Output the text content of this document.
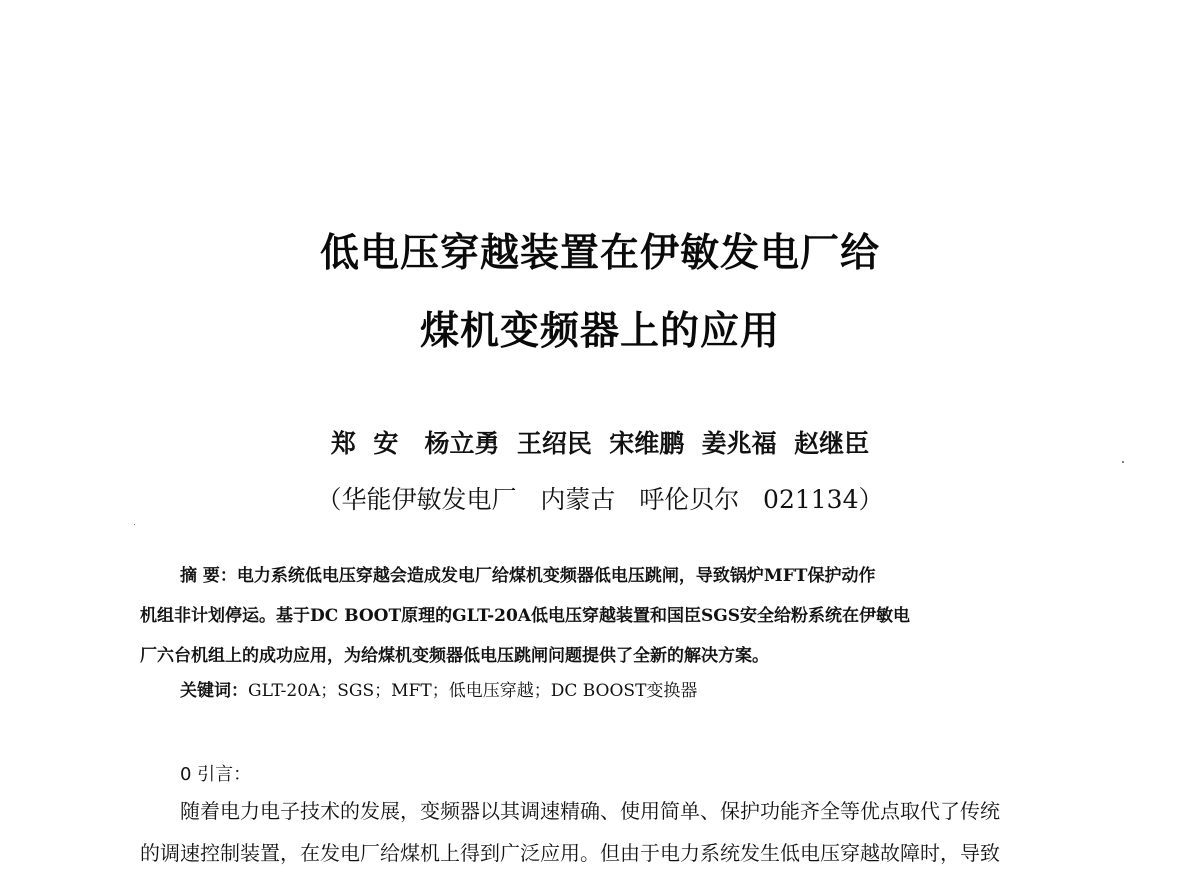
低电压穿越装置在伊敏发电厂给
煤机变频器上的应用
郑  安   杨立勇  王绍民  宋维鹏  姜兆福  赵继臣
（华能伊敏发电厂   内蒙古   呼伦贝尔   021134）
摘 要：电力系统低电压穿越会造成发电厂给煤机变频器低电压跳闸，导致锅炉MFT保护动作
机组非计划停运。基于DC BOOT原理的GLT-20A低电压穿越装置和国臣SGS安全给粉系统在伊敏电
厂六台机组上的成功应用，为给煤机变频器低电压跳闸问题提供了全新的解决方案。
关键词：GLT-20A；SGS；MFT；低电压穿越；DC BOOST变换器
0 引言：
随着电力电子技术的发展，变频器以其调速精确、使用简单、保护功能齐全等优点取代了传统
的调速控制装置，在发电厂给煤机上得到广泛应用。但由于电力系统发生低电压穿越故障时，导致
